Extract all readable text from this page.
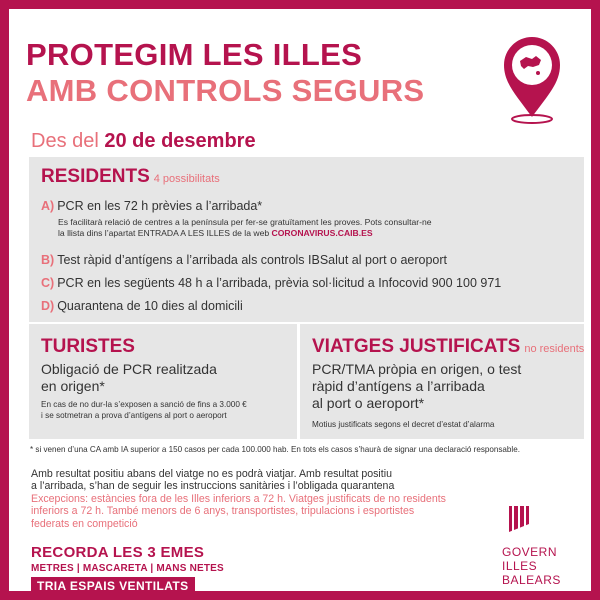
PROTEGIM LES ILLES
AMB CONTROLS SEGURS
Des del 20 de desembre
RESIDENTS 4 possibilitats
A) PCR en les 72 h prèvies a l’arribada*
Es facilitarà relació de centres a la península per fer-se gratuïtament les proves. Pots consultar-ne
la llista dins l’apartat ENTRADA A LES ILLES de la web CORONAVIRUS.CAIB.ES
B) Test ràpid d’antígens a l’arribada als controls IBSalut al port o aeroport
C) PCR en les següents 48 h a l’arribada, prèvia sol·licitud a Infocovid 900 100 971
D) Quarantena de 10 dies al domicili
TURISTES
Obligació de PCR realitzada
en origen*
En cas de no dur-la s’exposen a sanció de fins a 3.000 €
i se sotmetran a prova d’antígens al port o aeroport
VIATGES JUSTIFICATS no residents
PCR/TMA pròpia en origen, o test
ràpid d’antígens a l’arribada
al port o aeroport*
Motius justificats segons el decret d’estat d’alarma
* si venen d’una CA amb IA superior a 150 casos per cada 100.000 hab. En tots els casos s’haurà de signar una declaració responsable.
Amb resultat positiu abans del viatge no es podrà viatjar. Amb resultat positiu
a l’arribada, s’han de seguir les instruccions sanitàries i l’obligada quarantena
Excepcions: estàncies fora de les Illes inferiors a 72 h. Viatges justificats de no residents
inferiors a 72 h. També menors de 6 anys, transportistes, tripulacions i esportistes
federats en competició
RECORDA LES 3 EMES
METRES | MASCARETA | MANS NETES
TRIA ESPAIS VENTILATS
GOVERN
ILLES
BALEARS
